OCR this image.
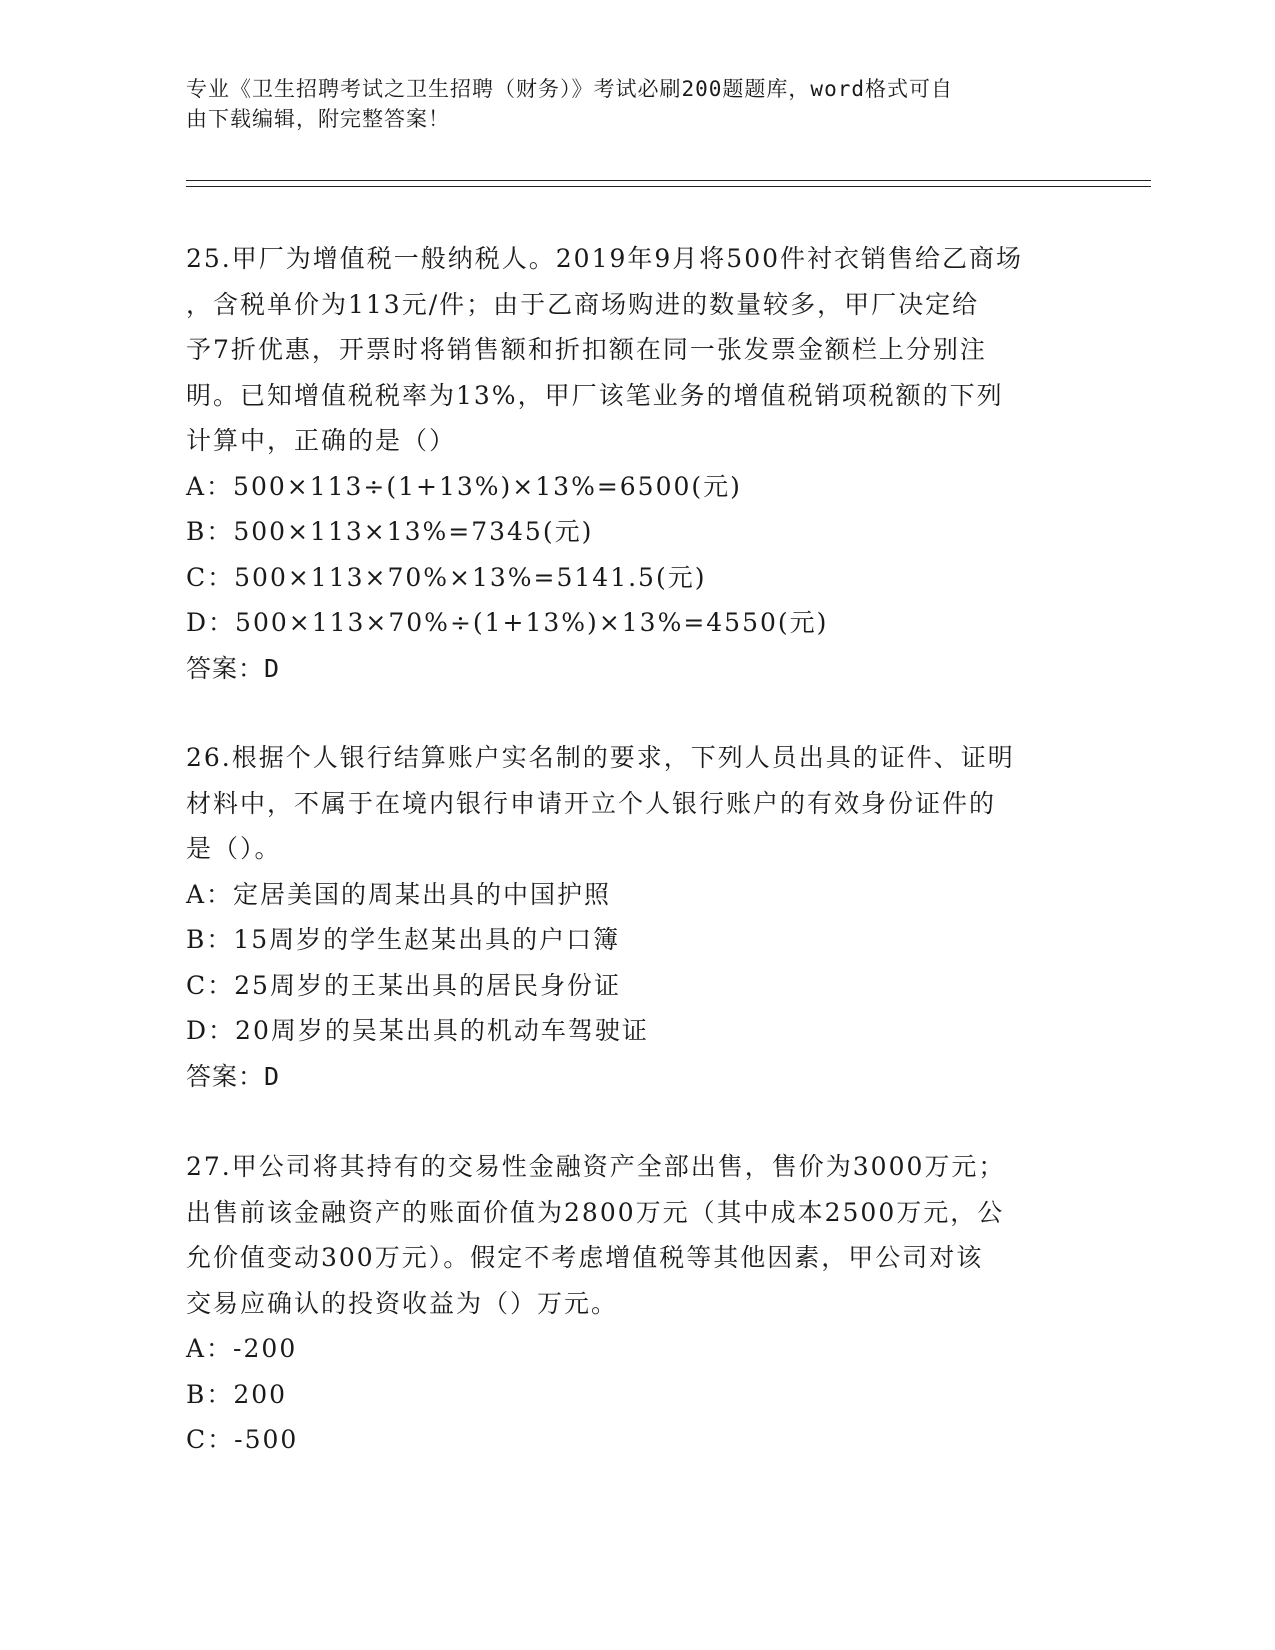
专业《卫生招聘考试之卫生招聘（财务）》考试必刷200题题库，word格式可自
由下载编辑，附完整答案！

25.甲厂为增值税一般纳税人。2019年9月将500件衬衣销售给乙商场

，含税单价为113元/件；由于乙商场购进的数量较多，甲厂决定给

予7折优惠，开票时将销售额和折扣额在同一张发票金额栏上分别注

明。已知增值税税率为13%，甲厂该笔业务的增值税销项税额的下列

计算中，正确的是（）

A：500×113÷(1+13%)×13%=6500(元)

B：500×113×13%=7345(元)

C：500×113×70%×13%=5141.5(元)

D：500×113×70%÷(1+13%)×13%=4550(元)

答案：D

26.根据个人银行结算账户实名制的要求，下列人员出具的证件、证明

材料中，不属于在境内银行申请开立个人银行账户的有效身份证件的

是（）。

A：定居美国的周某出具的中国护照

B：15周岁的学生赵某出具的户口簿

C：25周岁的王某出具的居民身份证

D：20周岁的吴某出具的机动车驾驶证

答案：D

27.甲公司将其持有的交易性金融资产全部出售，售价为3000万元；

出售前该金融资产的账面价值为2800万元（其中成本2500万元，公

允价值变动300万元）。假定不考虑增值税等其他因素，甲公司对该

交易应确认的投资收益为（）万元。

A：-200

B：200

C：-500
